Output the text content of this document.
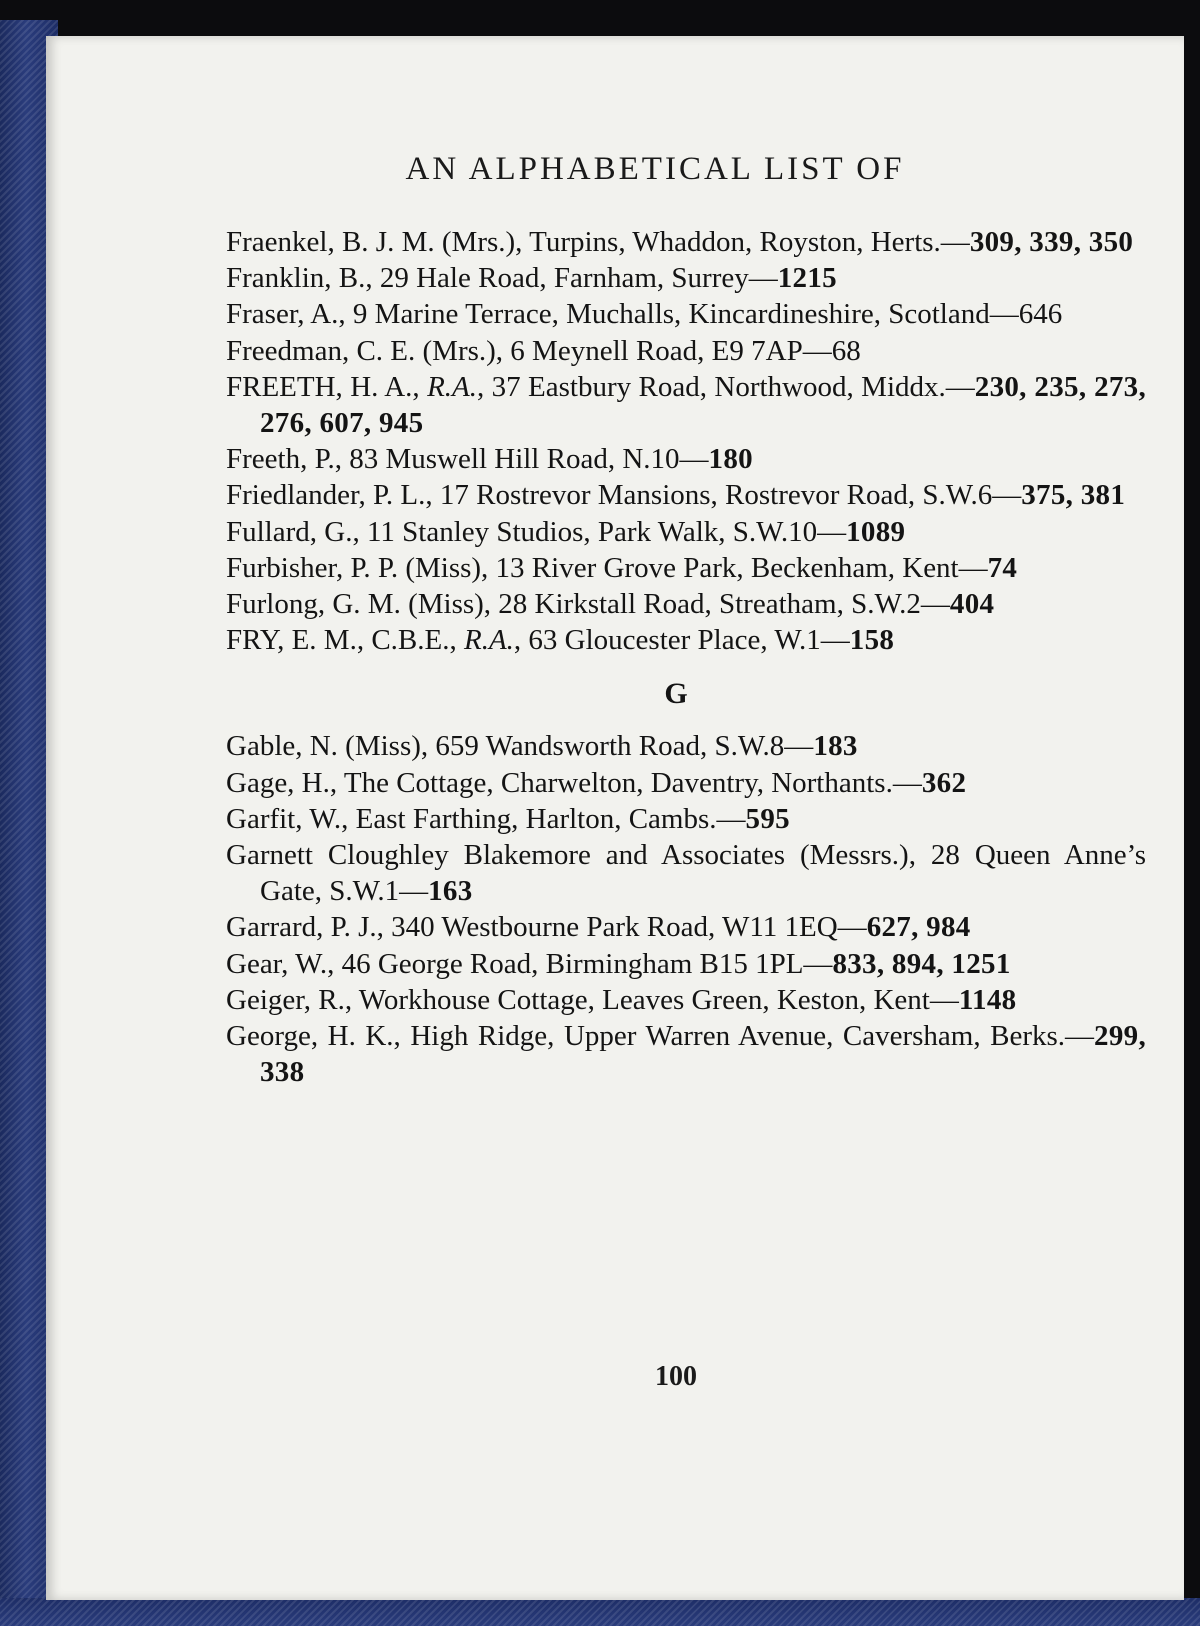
AN ALPHABETICAL LIST OF
Fraenkel, B. J. M. (Mrs.), Turpins, Whaddon, Royston, Herts.—309, 339, 350
Franklin, B., 29 Hale Road, Farnham, Surrey—1215
Fraser, A., 9 Marine Terrace, Muchalls, Kincardineshire, Scotland—646
Freedman, C. E. (Mrs.), 6 Meynell Road, E9 7AP—68
FREETH, H. A., R.A., 37 Eastbury Road, Northwood, Middx.—230, 235, 273, 276, 607, 945
Freeth, P., 83 Muswell Hill Road, N.10—180
Friedlander, P. L., 17 Rostrevor Mansions, Rostrevor Road, S.W.6—375, 381
Fullard, G., 11 Stanley Studios, Park Walk, S.W.10—1089
Furbisher, P. P. (Miss), 13 River Grove Park, Beckenham, Kent—74
Furlong, G. M. (Miss), 28 Kirkstall Road, Streatham, S.W.2—404
FRY, E. M., C.B.E., R.A., 63 Gloucester Place, W.1—158
G
Gable, N. (Miss), 659 Wandsworth Road, S.W.8—183
Gage, H., The Cottage, Charwelton, Daventry, Northants.—362
Garfit, W., East Farthing, Harlton, Cambs.—595
Garnett Cloughley Blakemore and Associates (Messrs.), 28 Queen Anne’s Gate, S.W.1—163
Garrard, P. J., 340 Westbourne Park Road, W11 1EQ—627, 984
Gear, W., 46 George Road, Birmingham B15 1PL—833, 894, 1251
Geiger, R., Workhouse Cottage, Leaves Green, Keston, Kent—1148
George, H. K., High Ridge, Upper Warren Avenue, Caversham, Berks.—299, 338

100
